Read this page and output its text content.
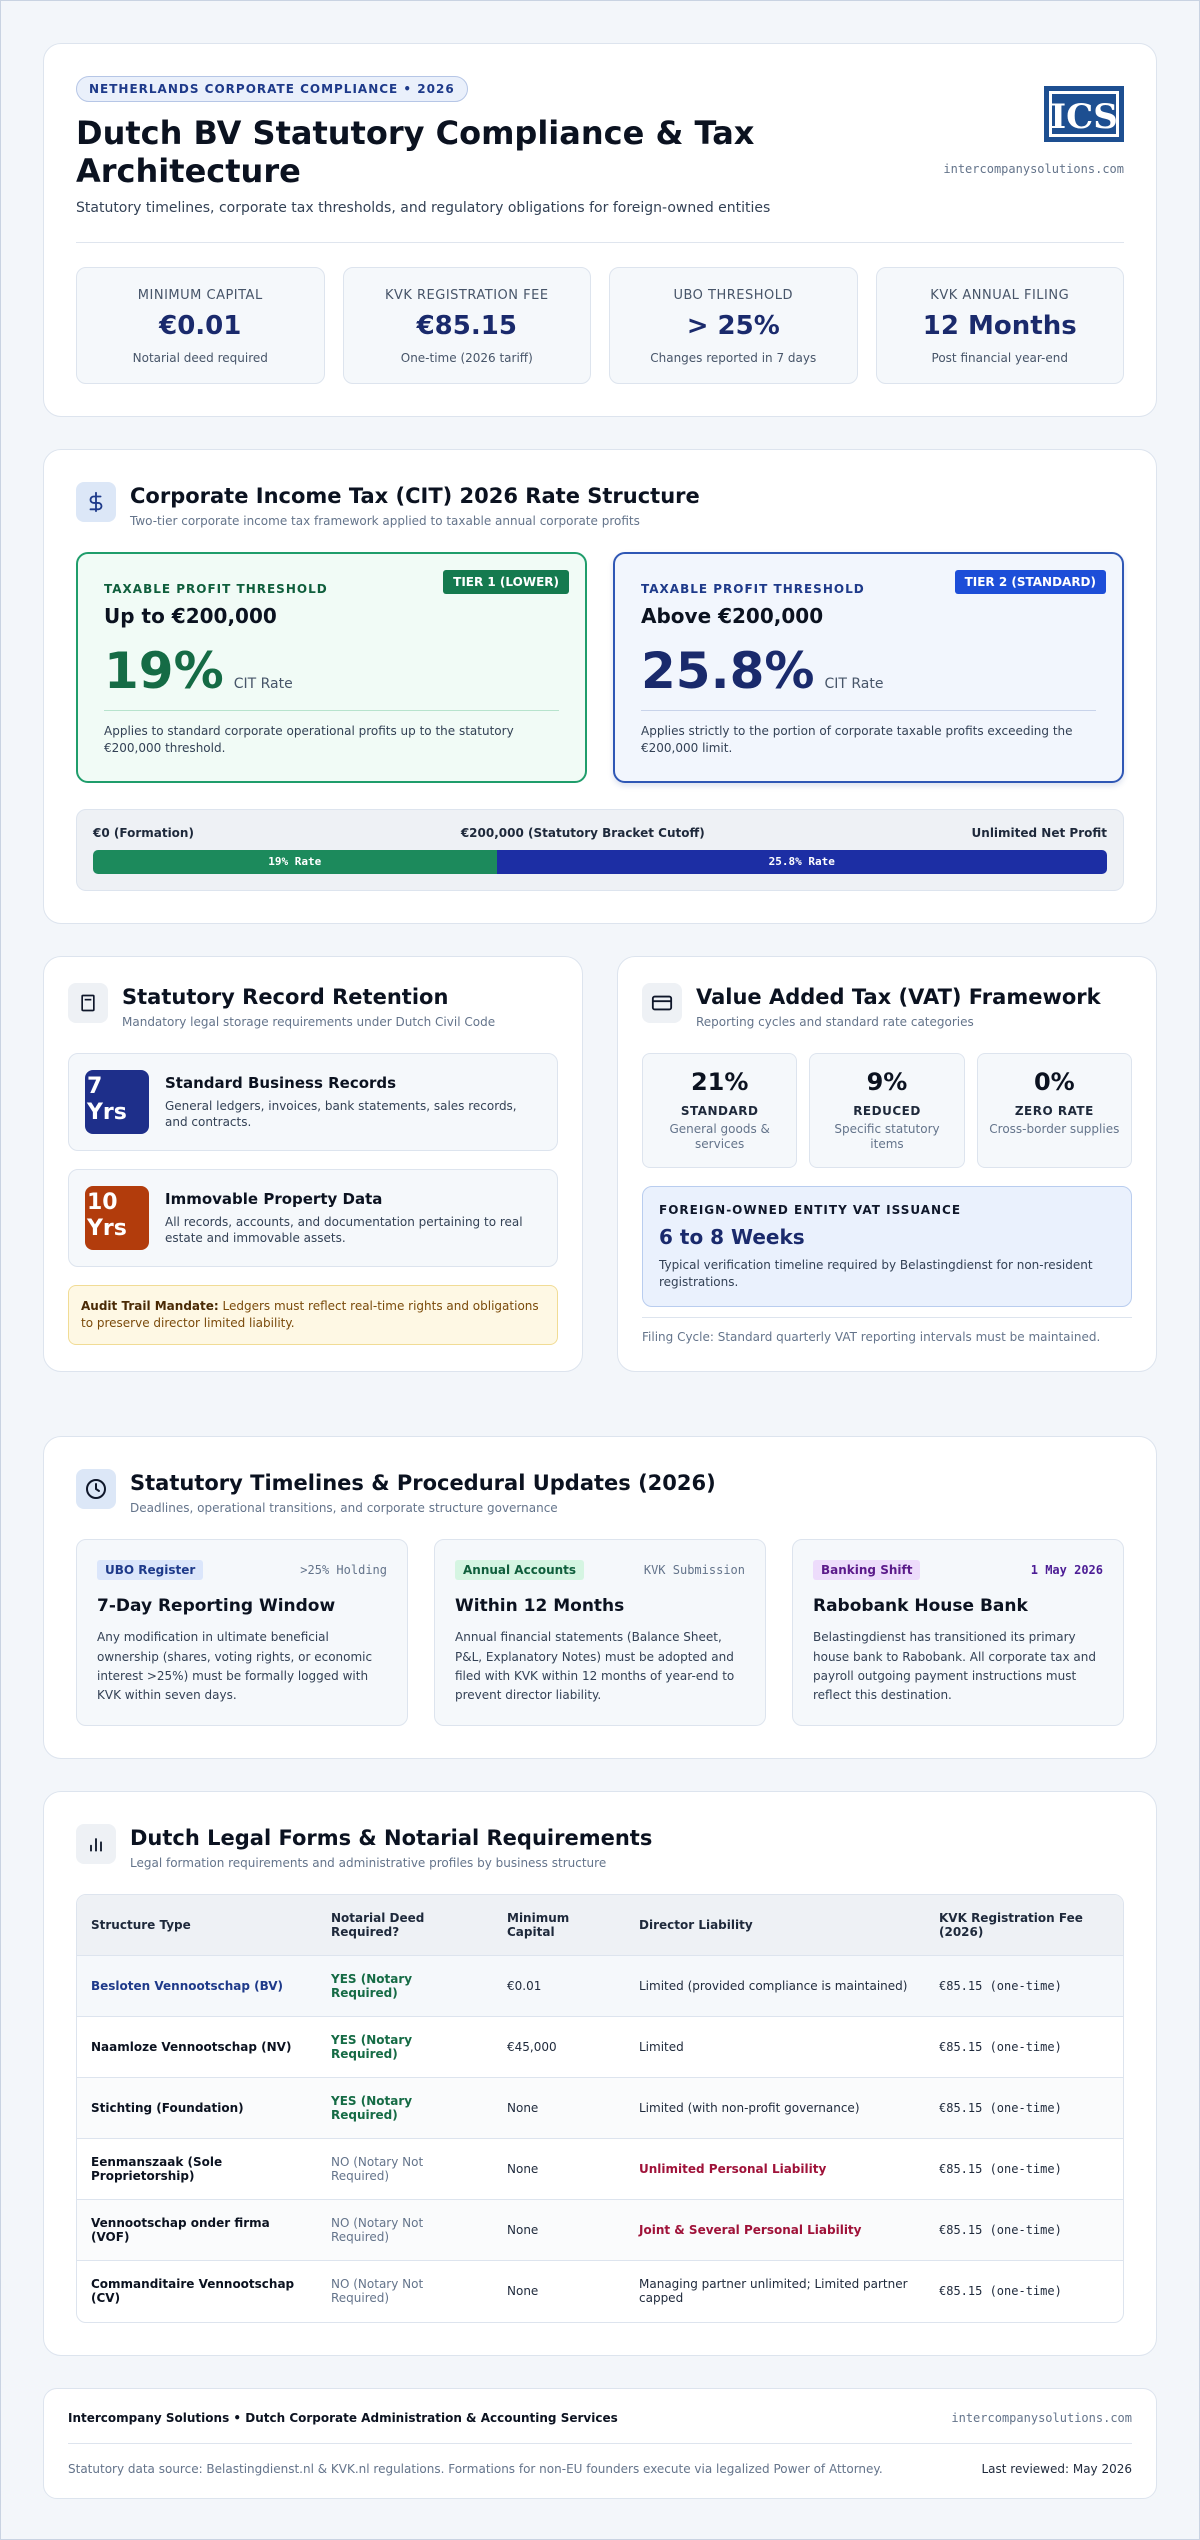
NETHERLANDS CORPORATE COMPLIANCE • 2026
Dutch BV Statutory Compliance & Tax Architecture
Statutory timelines, corporate tax thresholds, and regulatory obligations for foreign-owned entities
ICS
intercompanysolutions.com
MINIMUM CAPITAL
€0.01
Notarial deed required
KVK REGISTRATION FEE
€85.15
One-time (2026 tariff)
UBO THRESHOLD
> 25%
Changes reported in 7 days
KVK ANNUAL FILING
12 Months
Post financial year-end
Corporate Income Tax (CIT) 2026 Rate Structure
Two-tier corporate income tax framework applied to taxable annual corporate profits
TIER 1 (LOWER)
TAXABLE PROFIT THRESHOLD
Up to €200,000
19% CIT Rate
Applies to standard corporate operational profits up to the statutory €200,000 threshold.
TIER 2 (STANDARD)
TAXABLE PROFIT THRESHOLD
Above €200,000
25.8% CIT Rate
Applies strictly to the portion of corporate taxable profits exceeding the €200,000 limit.
€0 (Formation)	€200,000 (Statutory Bracket Cutoff)	Unlimited Net Profit
19% Rate	25.8% Rate
Statutory Record Retention
Mandatory legal storage requirements under Dutch Civil Code
7 Yrs
Standard Business Records
General ledgers, invoices, bank statements, sales records, and contracts.
10 Yrs
Immovable Property Data
All records, accounts, and documentation pertaining to real estate and immovable assets.
Audit Trail Mandate: Ledgers must reflect real-time rights and obligations to preserve director limited liability.
Value Added Tax (VAT) Framework
Reporting cycles and standard rate categories
21%
STANDARD
General goods & services
9%
REDUCED
Specific statutory items
0%
ZERO RATE
Cross-border supplies
FOREIGN-OWNED ENTITY VAT ISSUANCE
6 to 8 Weeks
Typical verification timeline required by Belastingdienst for non-resident registrations.
Filing Cycle: Standard quarterly VAT reporting intervals must be maintained.
Statutory Timelines & Procedural Updates (2026)
Deadlines, operational transitions, and corporate structure governance
UBO Register	>25% Holding
7-Day Reporting Window
Any modification in ultimate beneficial ownership (shares, voting rights, or economic interest >25%) must be formally logged with KVK within seven days.
Annual Accounts	KVK Submission
Within 12 Months
Annual financial statements (Balance Sheet, P&L, Explanatory Notes) must be adopted and filed with KVK within 12 months of year-end to prevent director liability.
Banking Shift	1 May 2026
Rabobank House Bank
Belastingdienst has transitioned its primary house bank to Rabobank. All corporate tax and payroll outgoing payment instructions must reflect this destination.
Dutch Legal Forms & Notarial Requirements
Legal formation requirements and administrative profiles by business structure
Structure Type	Notarial Deed Required?	Minimum Capital	Director Liability	KVK Registration Fee (2026)
Besloten Vennootschap (BV)	YES (Notary Required)	€0.01	Limited (provided compliance is maintained)	€85.15 (one-time)
Naamloze Vennootschap (NV)	YES (Notary Required)	€45,000	Limited	€85.15 (one-time)
Stichting (Foundation)	YES (Notary Required)	None	Limited (with non-profit governance)	€85.15 (one-time)
Eenmanszaak (Sole Proprietorship)	NO (Notary Not Required)	None	Unlimited Personal Liability	€85.15 (one-time)
Vennootschap onder firma (VOF)	NO (Notary Not Required)	None	Joint & Several Personal Liability	€85.15 (one-time)
Commanditaire Vennootschap (CV)	NO (Notary Not Required)	None	Managing partner unlimited; Limited partner capped	€85.15 (one-time)
Intercompany Solutions • Dutch Corporate Administration & Accounting Services	intercompanysolutions.com
Statutory data source: Belastingdienst.nl & KVK.nl regulations. Formations for non-EU founders execute via legalized Power of Attorney.	Last reviewed: May 2026
